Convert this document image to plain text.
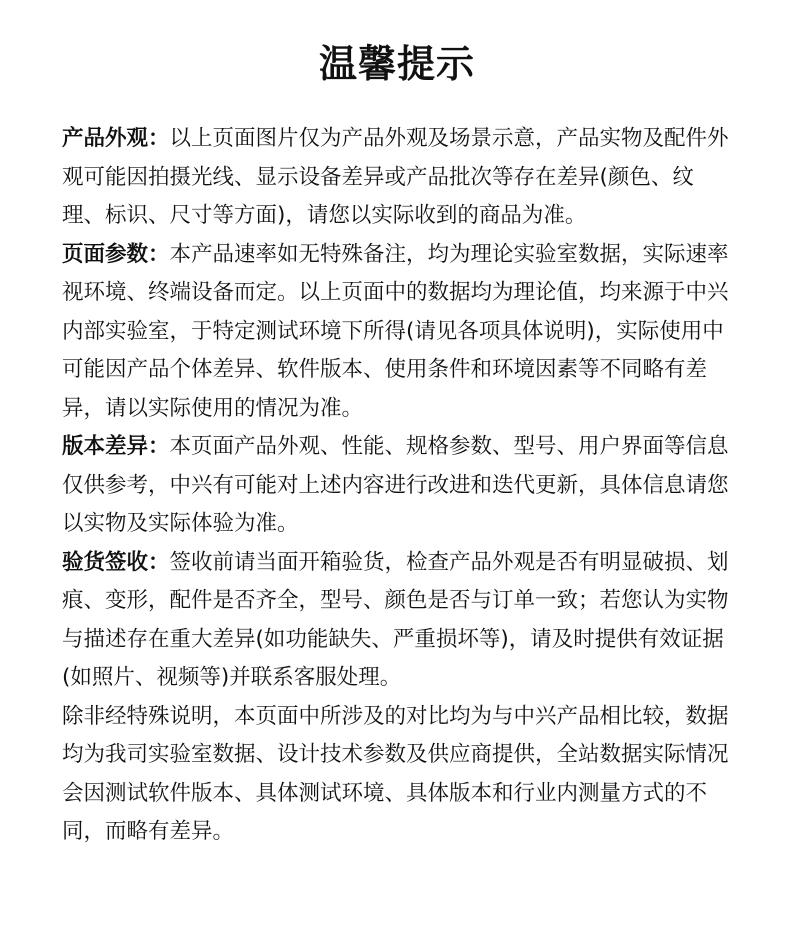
温馨提示

产品外观：以上页面图片仅为产品外观及场景示意，产品实物及配件外观可能因拍摄光线、显示设备差异或产品批次等存在差异(颜色、纹理、标识、尺寸等方面)，请您以实际收到的商品为准。

页面参数：本产品速率如无特殊备注，均为理论实验室数据，实际速率视环境、终端设备而定。以上页面中的数据均为理论值，均来源于中兴内部实验室，于特定测试环境下所得(请见各项具体说明)，实际使用中可能因产品个体差异、软件版本、使用条件和环境因素等不同略有差异，请以实际使用的情况为准。

版本差异：本页面产品外观、性能、规格参数、型号、用户界面等信息仅供参考，中兴有可能对上述内容进行改进和迭代更新，具体信息请您以实物及实际体验为准。

验货签收：签收前请当面开箱验货，检查产品外观是否有明显破损、划痕、变形，配件是否齐全，型号、颜色是否与订单一致；若您认为实物与描述存在重大差异(如功能缺失、严重损坏等)，请及时提供有效证据(如照片、视频等)并联系客服处理。

除非经特殊说明，本页面中所涉及的对比均为与中兴产品相比较，数据均为我司实验室数据、设计技术参数及供应商提供，全站数据实际情况会因测试软件版本、具体测试环境、具体版本和行业内测量方式的不同，而略有差异。
